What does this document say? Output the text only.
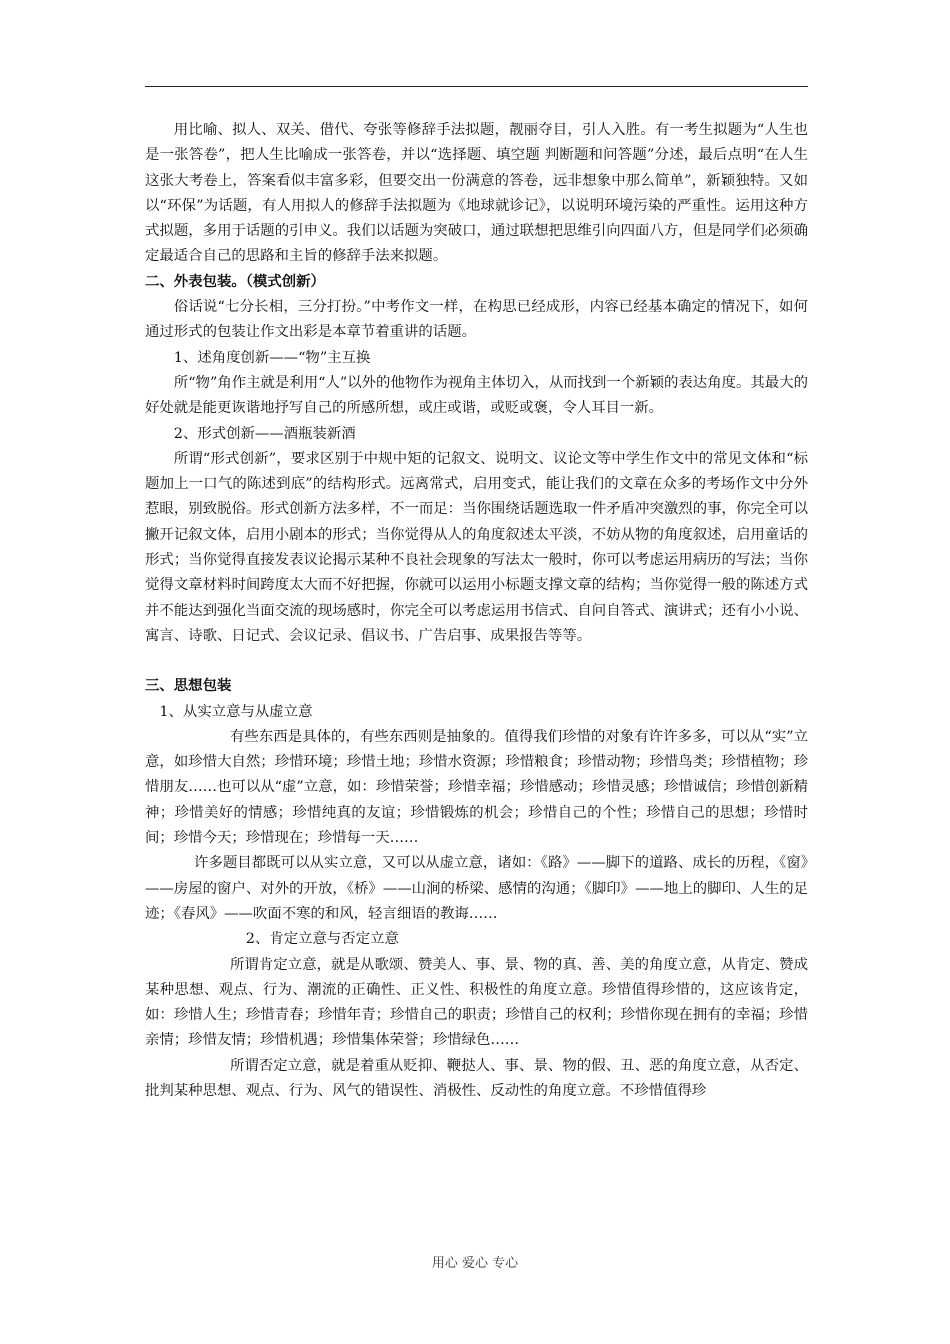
用比喻、拟人、双关、借代、夸张等修辞手法拟题，靓丽夺目，引人入胜。有一考生拟题为“人生也是一张答卷”，把人生比喻成一张答卷，并以“选择题、填空题 判断题和问答题”分述，最后点明“在人生这张大考卷上，答案看似丰富多彩，但要交出一份满意的答卷，远非想象中那么简单”，新颖独特。又如以“环保”为话题，有人用拟人的修辞手法拟题为《地球就诊记》，以说明环境污染的严重性。运用这种方式拟题，多用于话题的引申义。我们以话题为突破口，通过联想把思维引向四面八方，但是同学们必须确定最适合自己的思路和主旨的修辞手法来拟题。

二、外表包装。（模式创新）

俗话说“七分长相，三分打扮。”中考作文一样，在构思已经成形，内容已经基本确定的情况下，如何通过形式的包装让作文出彩是本章节着重讲的话题。

1、述角度创新——“物”主互换

所“物”角作主就是利用“人”以外的他物作为视角主体切入，从而找到一个新颖的表达角度。其最大的好处就是能更诙谐地抒写自己的所感所想，或庄或谐，或贬或褒，令人耳目一新。

2、形式创新——酒瓶装新酒

所谓“形式创新”，要求区别于中规中矩的记叙文、说明文、议论文等中学生作文中的常见文体和“标题加上一口气的陈述到底”的结构形式。远离常式，启用变式，能让我们的文章在众多的考场作文中分外惹眼，别致脱俗。形式创新方法多样，不一而足：当你围绕话题选取一件矛盾冲突激烈的事，你完全可以撇开记叙文体，启用小剧本的形式；当你觉得从人的角度叙述太平淡，不妨从物的角度叙述，启用童话的形式；当你觉得直接发表议论揭示某种不良社会现象的写法太一般时，你可以考虑运用病历的写法；当你觉得文章材料时间跨度太大而不好把握，你就可以运用小标题支撑文章的结构；当你觉得一般的陈述方式并不能达到强化当面交流的现场感时，你完全可以考虑运用书信式、自问自答式、演讲式；还有小小说、寓言、诗歌、日记式、会议记录、倡议书、广告启事、成果报告等等。

三、思想包装

1、从实立意与从虚立意

有些东西是具体的，有些东西则是抽象的。值得我们珍惜的对象有许许多多，可以从“实”立意，如珍惜大自然；珍惜环境；珍惜土地；珍惜水资源；珍惜粮食；珍惜动物；珍惜鸟类；珍惜植物；珍惜朋友……也可以从“虚”立意，如：珍惜荣誉；珍惜幸福；珍惜感动；珍惜灵感；珍惜诚信；珍惜创新精神；珍惜美好的情感；珍惜纯真的友谊；珍惜锻炼的机会；珍惜自己的个性；珍惜自己的思想；珍惜时间；珍惜今天；珍惜现在；珍惜每一天……

许多题目都既可以从实立意，又可以从虚立意，诸如：《路》——脚下的道路、成长的历程，《窗》——房屋的窗户、对外的开放，《桥》——山涧的桥梁、感情的沟通；《脚印》——地上的脚印、人生的足迹；《春风》——吹面不寒的和风，轻言细语的教诲……

2、肯定立意与否定立意

所谓肯定立意，就是从歌颂、赞美人、事、景、物的真、善、美的角度立意，从肯定、赞成某种思想、观点、行为、潮流的正确性、正义性、积极性的角度立意。珍惜值得珍惜的，这应该肯定，如：珍惜人生；珍惜青春；珍惜年青；珍惜自己的职责；珍惜自己的权利；珍惜你现在拥有的幸福；珍惜亲情；珍惜友情；珍惜机遇；珍惜集体荣誉；珍惜绿色……

所谓否定立意，就是着重从贬抑、鞭挞人、事、景、物的假、丑、恶的角度立意，从否定、批判某种思想、观点、行为、风气的错误性、消极性、反动性的角度立意。不珍惜值得珍

用心 爱心 专心
